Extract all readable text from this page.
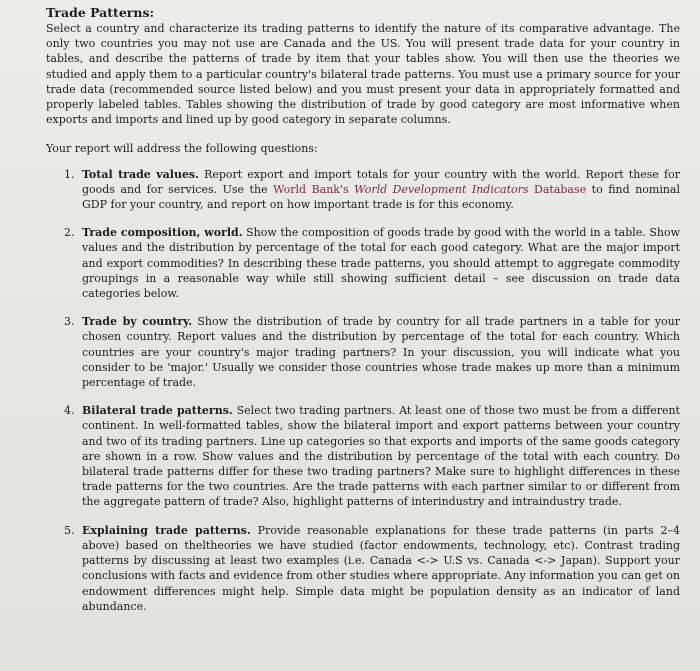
Trade Patterns:

Select a country and characterize its trading patterns to identify the nature of its comparative advantage. The only two countries you may not use are Canada and the US. You will present trade data for your country in tables, and describe the patterns of trade by item that your tables show. You will then use the theories we studied and apply them to a particular country's bilateral trade patterns. You must use a primary source for your trade data (recommended source listed below) and you must present your data in appropriately formatted and properly labeled tables. Tables showing the distribution of trade by good category are most informative when exports and imports and lined up by good category in separate columns.

Your report will address the following questions:

1. Total trade values. Report export and import totals for your country with the world. Report these for goods and for services. Use the World Bank's World Development Indicators Database to find nominal GDP for your country, and report on how important trade is for this economy.
2. Trade composition, world. Show the composition of goods trade by good with the world in a table. Show values and the distribution by percentage of the total for each good category. What are the major import and export commodities? In describing these trade patterns, you should attempt to aggregate commodity groupings in a reasonable way while still showing sufficient detail – see discussion on trade data categories below.
3. Trade by country. Show the distribution of trade by country for all trade partners in a table for your chosen country. Report values and the distribution by percentage of the total for each country. Which countries are your country's major trading partners? In your discussion, you will indicate what you consider to be 'major.' Usually we consider those countries whose trade makes up more than a minimum percentage of trade.
4. Bilateral trade patterns. Select two trading partners. At least one of those two must be from a different continent. In well-formatted tables, show the bilateral import and export patterns between your country and two of its trading partners. Line up categories so that exports and imports of the same goods category are shown in a row. Show values and the distribution by percentage of the total with each country. Do bilateral trade patterns differ for these two trading partners? Make sure to highlight differences in these trade patterns for the two countries. Are the trade patterns with each partner similar to or different from the aggregate pattern of trade? Also, highlight patterns of interindustry and intraindustry trade.
5. Explaining trade patterns. Provide reasonable explanations for these trade patterns (in parts 2–4 above) based on theltheories we have studied (factor endowments, technology, etc). Contrast trading patterns by discussing at least two examples (i.e. Canada <-> U.S vs. Canada <-> Japan). Support your conclusions with facts and evidence from other studies where appropriate. Any information you can get on endowment differences might help. Simple data might be population density as an indicator of land abundance.
